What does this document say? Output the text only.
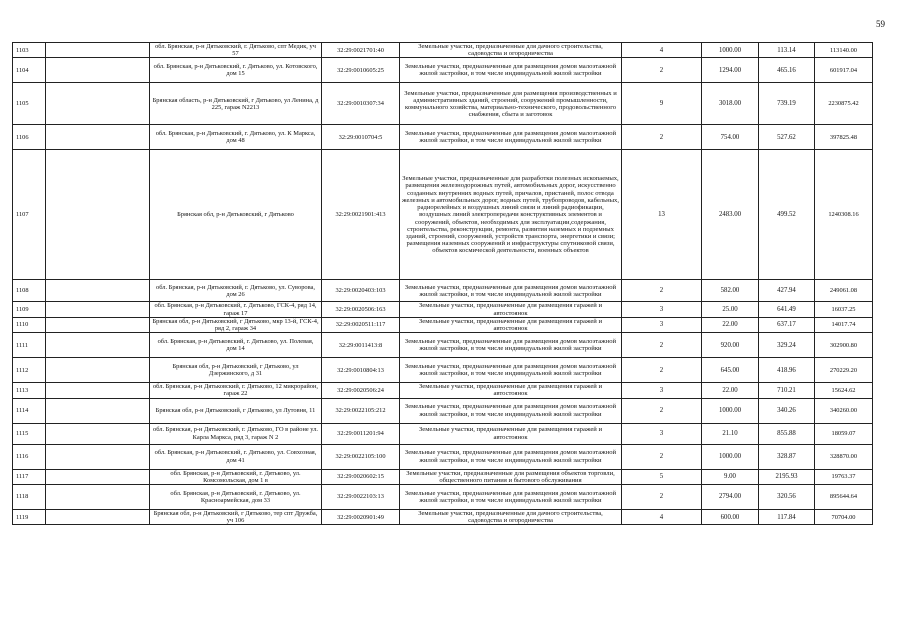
59
1103		обл. Брянская, р-н Дятьковский, г. Дятьково, спт Медик, уч 57	32:29:0021701:40	Земельные участки, предназначенные для дачного строительства, садоводства и огородничества	4	1000.00	113.14	113140.00
1104		обл. Брянская, р-н Дятьковский, г. Дятьково, ул. Котовского, дом 15	32:29:0010605:25	Земельные участки, предназначенные для размещения домов малоэтажной жилой застройки, в том числе индивидуальной жилой застройки	2	1294.00	465.16	601917.04
1105		Брянская область, р-н Дятьковский, г Дятьково, ул Ленина, д 225, гараж N2213	32:29:0010307:34	Земельные участки, предназначенные для размещения производственных и административных зданий, строений, сооружений промышленности, коммунального хозяйства, материально-технического, продовольственного снабжения, сбыта и заготовок	9	3018.00	739.19	2230875.42
1106		обл. Брянская, р-н Дятьковский, г. Дятьково, ул. К Маркса, дом 48	32:29:0010704:5	Земельные участки, предназначенные для размещения домов малоэтажной жилой застройки, в том числе индивидуальной жилой застройки	2	754.00	527.62	397825.48
1107		Брянская обл, р-н Дятьковский, г Дятьково	32:29:0021901:413	Земельные участки, предназначенные для разработки полезных ископаемых, размещения железнодорожных путей, автомобильных дорог, искусственно созданных внутренних водных путей, причалов, пристаней, полос отвода железных и автомобильных дорог, водных путей, трубопроводов, кабельных, радиорелейных и воздушных линий связи и линий радиофикации, воздушных линий электропередачи конструктивных элементов и сооружений, объектов, необходимых для эксплуатации,содержания, строительства, реконструкции, ремонта, развития наземных и подземных зданий, строений, сооружений, устройств транспорта, энергетики и связи; размещения наземных сооружений и инфраструктуры спутниковой связи, объектов космической деятельности, военных объектов	13	2483.00	499.52	1240308.16
1108		обл. Брянская, р-н Дятьковский, г. Дятьково, ул. Суворова, дом 26	32:29:0020403:103	Земельные участки, предназначенные для размещения домов малоэтажной жилой застройки, в том числе индивидуальной жилой застройки	2	582.00	427.94	249061.08
1109		обл. Брянская, р-н Дятьковский, г. Дятьково, ГСК-4, ряд 14, гараж 17	32:29:0020506:163	Земельные участки, предназначенные для размещения гаражей и автостоянок	3	25.00	641.49	16037.25
1110		Брянская обл, р-н Дятьковский, г Дятьково, мкр 13-й, ГСК-4, ряд 2, гараж 34	32:29:0020511:117	Земельные участки, предназначенные для размещения гаражей и автостоянок	3	22.00	637.17	14017.74
1111		обл. Брянская, р-н Дятьковский, г. Дятьково, ул. Полевая, дом 14	32:29:0011413:8	Земельные участки, предназначенные для размещения домов малоэтажной жилой застройки, в том числе индивидуальной жилой застройки	2	920.00	329.24	302900.80
1112		Брянская обл, р-н Дятьковский, г Дятьково, ул Дзержинского, д 31	32:29:0010804:13	Земельные участки, предназначенные для размещения домов малоэтажной жилой застройки, в том числе индивидуальной жилой застройки	2	645.00	418.96	270229.20
1113		обл. Брянская, р-н Дятьковский, г. Дятьково, 12 микрорайон, гараж 22	32:29:0020506:24	Земельные участки, предназначенные для размещения гаражей и автостоянок	3	22.00	710.21	15624.62
1114		Брянская обл, р-н Дятьковский, г Дятьково, ул Лутовня, 11	32:29:0022105:212	Земельные участки, предназначенные для размещения домов малоэтажной жилой застройки, в том числе индивидуальной жилой застройки	2	1000.00	340.26	340260.00
1115		обл. Брянская, р-н Дятьковский, г. Дятьково, ГО в районе ул. Карла Маркса, ряд 3, гараж N 2	32:29:0011201:94	Земельные участки, предназначенные для размещения гаражей и автостоянок	3	21.10	855.88	18059.07
1116		обл. Брянская, р-н Дятьковский, г. Дятьково, ул. Совхозная, дом 41	32:29:0022105:100	Земельные участки, предназначенные для размещения домов малоэтажной жилой застройки, в том числе индивидуальной жилой застройки	2	1000.00	328.87	328870.00
1117		обл. Брянская, р-н Дятьковский, г. Дятьково, ул. Комсомольская, дом 1 в	32:29:0020602:15	Земельные участки, предназначенные для размещения объектов торговли, общественного питания и бытового обслуживания	5	9.00	2195.93	19763.37
1118		обл. Брянская, р-н Дятьковский, г. Дятьково, ул. Красноармейская, дом 33	32:29:0022103:13	Земельные участки, предназначенные для размещения домов малоэтажной жилой застройки, в том числе индивидуальной жилой застройки	2	2794.00	320.56	895644.64
1119		Брянская обл, р-н Дятьковский, г Дятьково, тер спт Дружба, уч 106	32:29:0020901:49	Земельные участки, предназначенные для дачного строительства, садоводства и огородничества	4	600.00	117.84	70704.00
